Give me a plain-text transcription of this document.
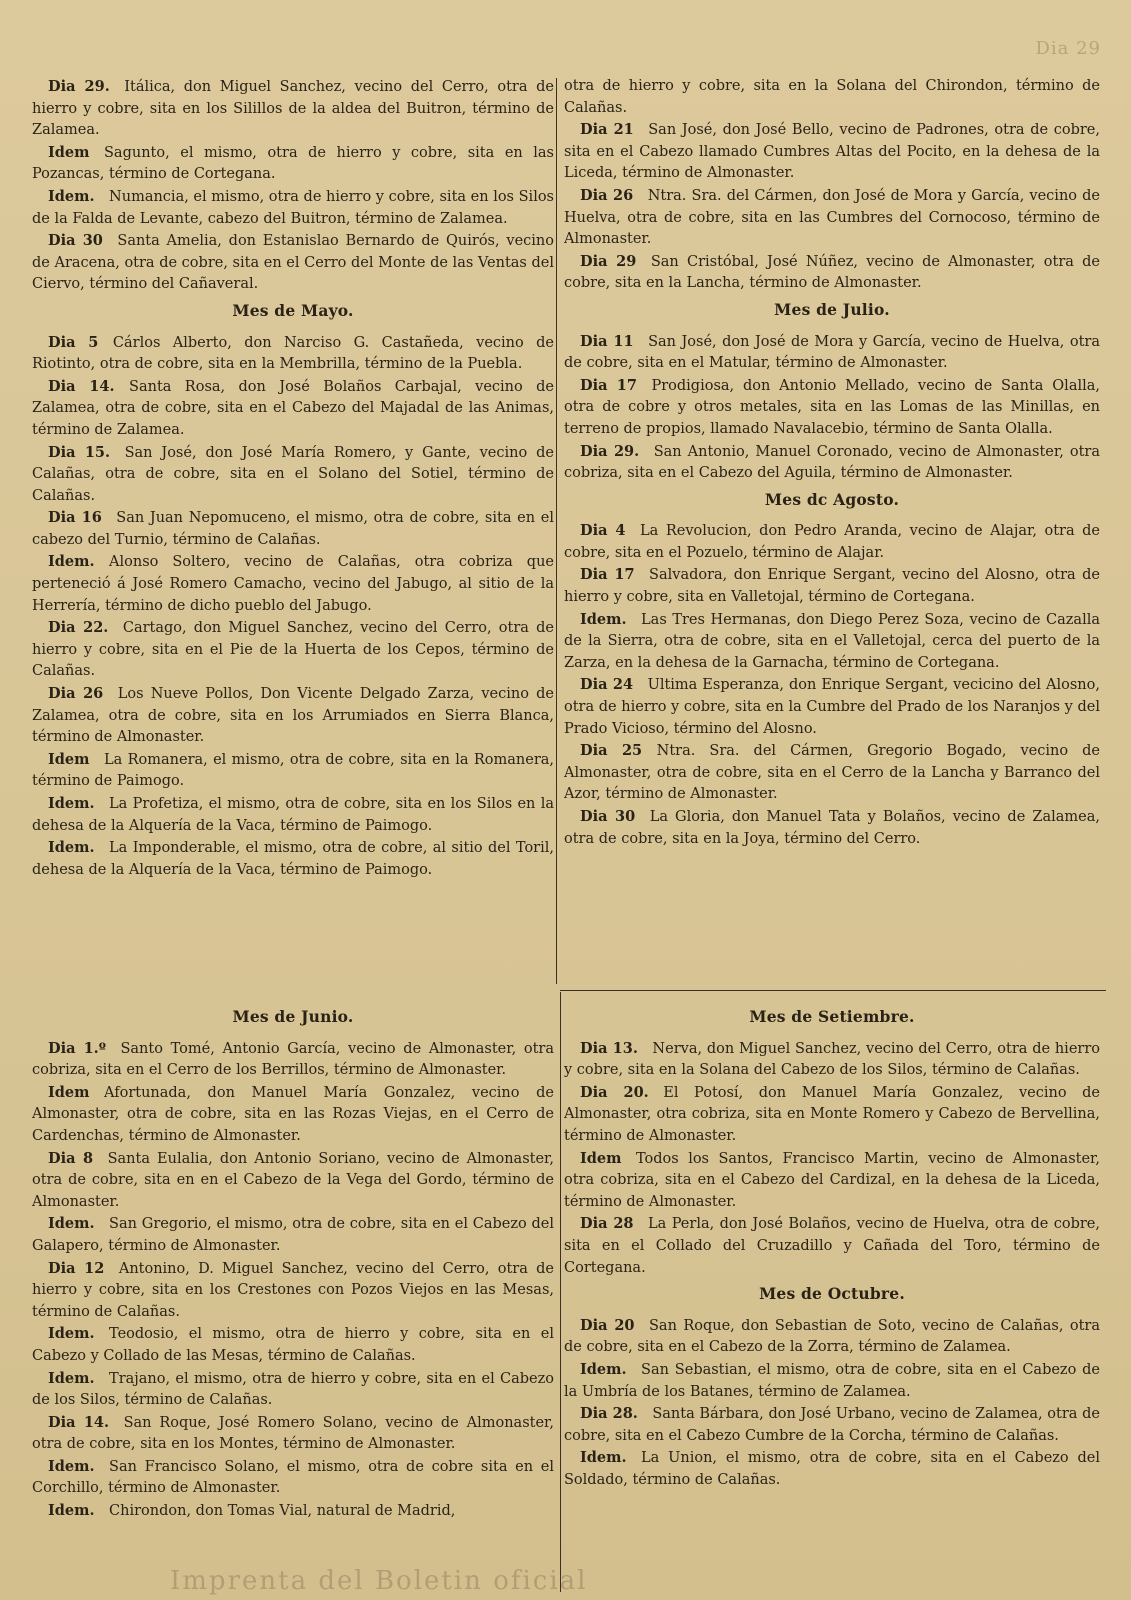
Dia 29

Dia 29.  Itálica, don Miguel Sanchez, vecino del Cerro, otra de hierro y cobre, sita en los Silillos de la aldea del Buitron, término de Zalamea.

Idem  Sagunto, el mismo, otra de hierro y cobre, sita en las Pozancas, término de Cortegana.

Idem.  Numancia, el mismo, otra de hierro y cobre, sita en los Silos de la Falda de Levante, cabezo del Buitron, término de Zalamea.

Dia 30  Santa Amelia, don Estanislao Bernardo de Quirós, vecino de Aracena, otra de cobre, sita en el Cerro del Monte de las Ventas del Ciervo, término del Cañaveral.

Mes de Mayo.

Dia 5  Cárlos Alberto, don Narciso G. Castañeda, vecino de Riotinto, otra de cobre, sita en la Membrilla, término de la Puebla.

Dia 14.  Santa Rosa, don José Bolaños Carbajal, vecino de Zalamea, otra de cobre, sita en el Cabezo del Majadal de las Animas, término de Zalamea.

Dia 15.  San José, don José María Romero, y Gante, vecino de Calañas, otra de cobre, sita en el Solano del Sotiel, término de Calañas.

Dia 16  San Juan Nepomuceno, el mismo, otra de cobre, sita en el cabezo del Turnio, término de Calañas.

Idem.  Alonso Soltero, vecino de Calañas, otra cobriza que perteneció á José Romero Camacho, vecino del Jabugo, al sitio de la Herrería, término de dicho pueblo del Jabugo.

Dia 22.  Cartago, don Miguel Sanchez, vecino del Cerro, otra de hierro y cobre, sita en el Pie de la Huerta de los Cepos, término de Calañas.

Dia 26  Los Nueve Pollos, Don Vicente Delgado Zarza, vecino de Zalamea, otra de cobre, sita en los Arrumiados en Sierra Blanca, término de Almonaster.

Idem  La Romanera, el mismo, otra de cobre, sita en la Romanera, término de Paimogo.

Idem.  La Profetiza, el mismo, otra de cobre, sita en los Silos en la dehesa de la Alquería de la Vaca, término de Paimogo.

Idem.  La Imponderable, el mismo, otra de cobre, al sitio del Toril, dehesa de la Alquería de la Vaca, término de Paimogo.

otra de hierro y cobre, sita en la Solana del Chirondon, término de Calañas.

Dia 21  San José, don José Bello, vecino de Padrones, otra de cobre, sita en el Cabezo llamado Cumbres Altas del Pocito, en la dehesa de la Liceda, término de Almonaster.

Dia 26  Ntra. Sra. del Cármen, don José de Mora y García, vecino de Huelva, otra de cobre, sita en las Cumbres del Cornocoso, término de Almonaster.

Dia 29  San Cristóbal, José Núñez, vecino de Almonaster, otra de cobre, sita en la Lancha, término de Almonaster.

Mes de Julio.

Dia 11  San José, don José de Mora y García, vecino de Huelva, otra de cobre, sita en el Matular, término de Almonaster.

Dia 17  Prodigiosa, don Antonio Mellado, vecino de Santa Olalla, otra de cobre y otros metales, sita en las Lomas de las Minillas, en terreno de propios, llamado Navalacebio, término de Santa Olalla.

Dia 29.  San Antonio, Manuel Coronado, vecino de Almonaster, otra cobriza, sita en el Cabezo del Aguila, término de Almonaster.

Mes dc Agosto.

Dia 4  La Revolucion, don Pedro Aranda, vecino de Alajar, otra de cobre, sita en el Pozuelo, término de Alajar.

Dia 17  Salvadora, don Enrique Sergant, vecino del Alosno, otra de hierro y cobre, sita en Valletojal, término de Cortegana.

Idem.  Las Tres Hermanas, don Diego Perez Soza, vecino de Cazalla de la Sierra, otra de cobre, sita en el Valletojal, cerca del puerto de la Zarza, en la dehesa de la Garnacha, término de Cortegana.

Dia 24  Ultima Esperanza, don Enrique Sergant, vecicino del Alosno, otra de hierro y cobre, sita en la Cumbre del Prado de los Naranjos y del Prado Vicioso, término del Alosno.

Dia 25  Ntra. Sra. del Cármen, Gregorio Bogado, vecino de Almonaster, otra de cobre, sita en el Cerro de la Lancha y Barranco del Azor, término de Almonaster.

Dia 30  La Gloria, don Manuel Tata y Bolaños, vecino de Zalamea, otra de cobre, sita en la Joya, término del Cerro.

Mes de Junio.

Dia 1.º  Santo Tomé, Antonio García, vecino de Almonaster, otra cobriza, sita en el Cerro de los Berrillos, término de Almonaster.

Idem  Afortunada, don Manuel María Gonzalez, vecino de Almonaster, otra de cobre, sita en las Rozas Viejas, en el Cerro de Cardenchas, término de Almonaster.

Dia 8  Santa Eulalia, don Antonio Soriano, vecino de Almonaster, otra de cobre, sita en en el Cabezo de la Vega del Gordo, término de Almonaster.

Idem.  San Gregorio, el mismo, otra de cobre, sita en el Cabezo del Galapero, término de Almonaster.

Dia 12  Antonino, D. Miguel Sanchez, vecino del Cerro, otra de hierro y cobre, sita en los Crestones con Pozos Viejos en las Mesas, término de Calañas.

Idem.  Teodosio, el mismo, otra de hierro y cobre, sita en el Cabezo y Collado de las Mesas, término de Calañas.

Idem.  Trajano, el mismo, otra de hierro y cobre, sita en el Cabezo de los Silos, término de Calañas.

Dia 14.  San Roque, José Romero Solano, vecino de Almonaster, otra de cobre, sita en los Montes, término de Almonaster.

Idem.  San Francisco Solano, el mismo, otra de cobre sita en el Corchillo, término de Almonaster.

Idem.  Chirondon, don Tomas Vial, natural de Madrid,

Mes de Setiembre.

Dia 13.  Nerva, don Miguel Sanchez, vecino del Cerro, otra de hierro y cobre, sita en la Solana del Cabezo de los Silos, término de Calañas.

Dia 20.  El Potosí, don Manuel María Gonzalez, vecino de Almonaster, otra cobriza, sita en Monte Romero y Cabezo de Bervellina, término de Almonaster.

Idem  Todos los Santos, Francisco Martin, vecino de Almonaster, otra cobriza, sita en el Cabezo del Cardizal, en la dehesa de la Liceda, término de Almonaster.

Dia 28  La Perla, don José Bolaños, vecino de Huelva, otra de cobre, sita en el Collado del Cruzadillo y Cañada del Toro, término de Cortegana.

Mes de Octubre.

Dia 20  San Roque, don Sebastian de Soto, vecino de Calañas, otra de cobre, sita en el Cabezo de la Zorra, término de Zalamea.

Idem.  San Sebastian, el mismo, otra de cobre, sita en el Cabezo de la Umbría de los Batanes, término de Zalamea.

Dia 28.  Santa Bárbara, don José Urbano, vecino de Zalamea, otra de cobre, sita en el Cabezo Cumbre de la Corcha, término de Calañas.

Idem.  La Union, el mismo, otra de cobre, sita en el Cabezo del Soldado, término de Calañas.

Imprenta del Boletin oficial
